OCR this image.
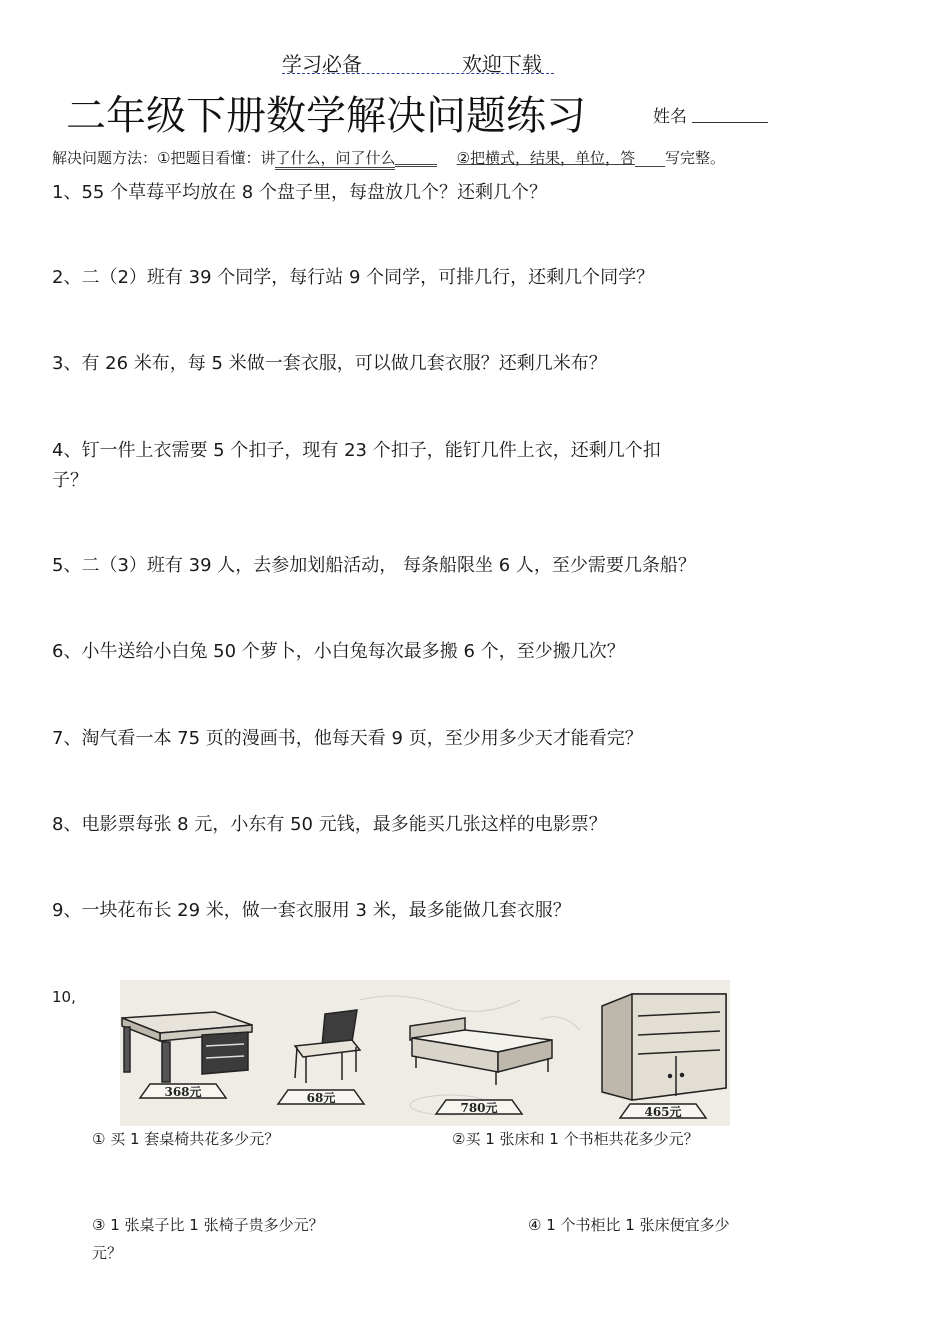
学习必备	欢迎下载
二年级下册数学解决问题练习	姓名
解决问题方法：①把题目看懂：讲了什么，问了什么	②把横式，结果，单位，答 写完整。
1、55 个草莓平均放在 8 个盘子里，每盘放几个？还剩几个？
2、二（2）班有 39 个同学，每行站 9 个同学，可排几行，还剩几个同学？
3、有 26 米布，每 5 米做一套衣服，可以做几套衣服？还剩几米布？
4、钉一件上衣需要 5 个扣子，现有 23 个扣子，能钉几件上衣，还剩几个扣
子？
5、二（3）班有 39 人，去参加划船活动， 每条船限坐 6 人，至少需要几条船？
6、小牛送给小白兔 50 个萝卜，小白兔每次最多搬 6 个，至少搬几次？
7、淘气看一本 75 页的漫画书，他每天看 9 页，至少用多少天才能看完？
8、电影票每张 8 元，小东有 50 元钱，最多能买几张这样的电影票？
9、一块花布长 29 米，做一套衣服用 3 米，最多能做几套衣服？
10,
368元	68元
780元	465元
① 买 1 套桌椅共花多少元？	②买 1 张床和 1 个书柜共花多少元？
③ 1 张桌子比 1 张椅子贵多少元？	④ 1 个书柜比 1 张床便宜多少
元？
